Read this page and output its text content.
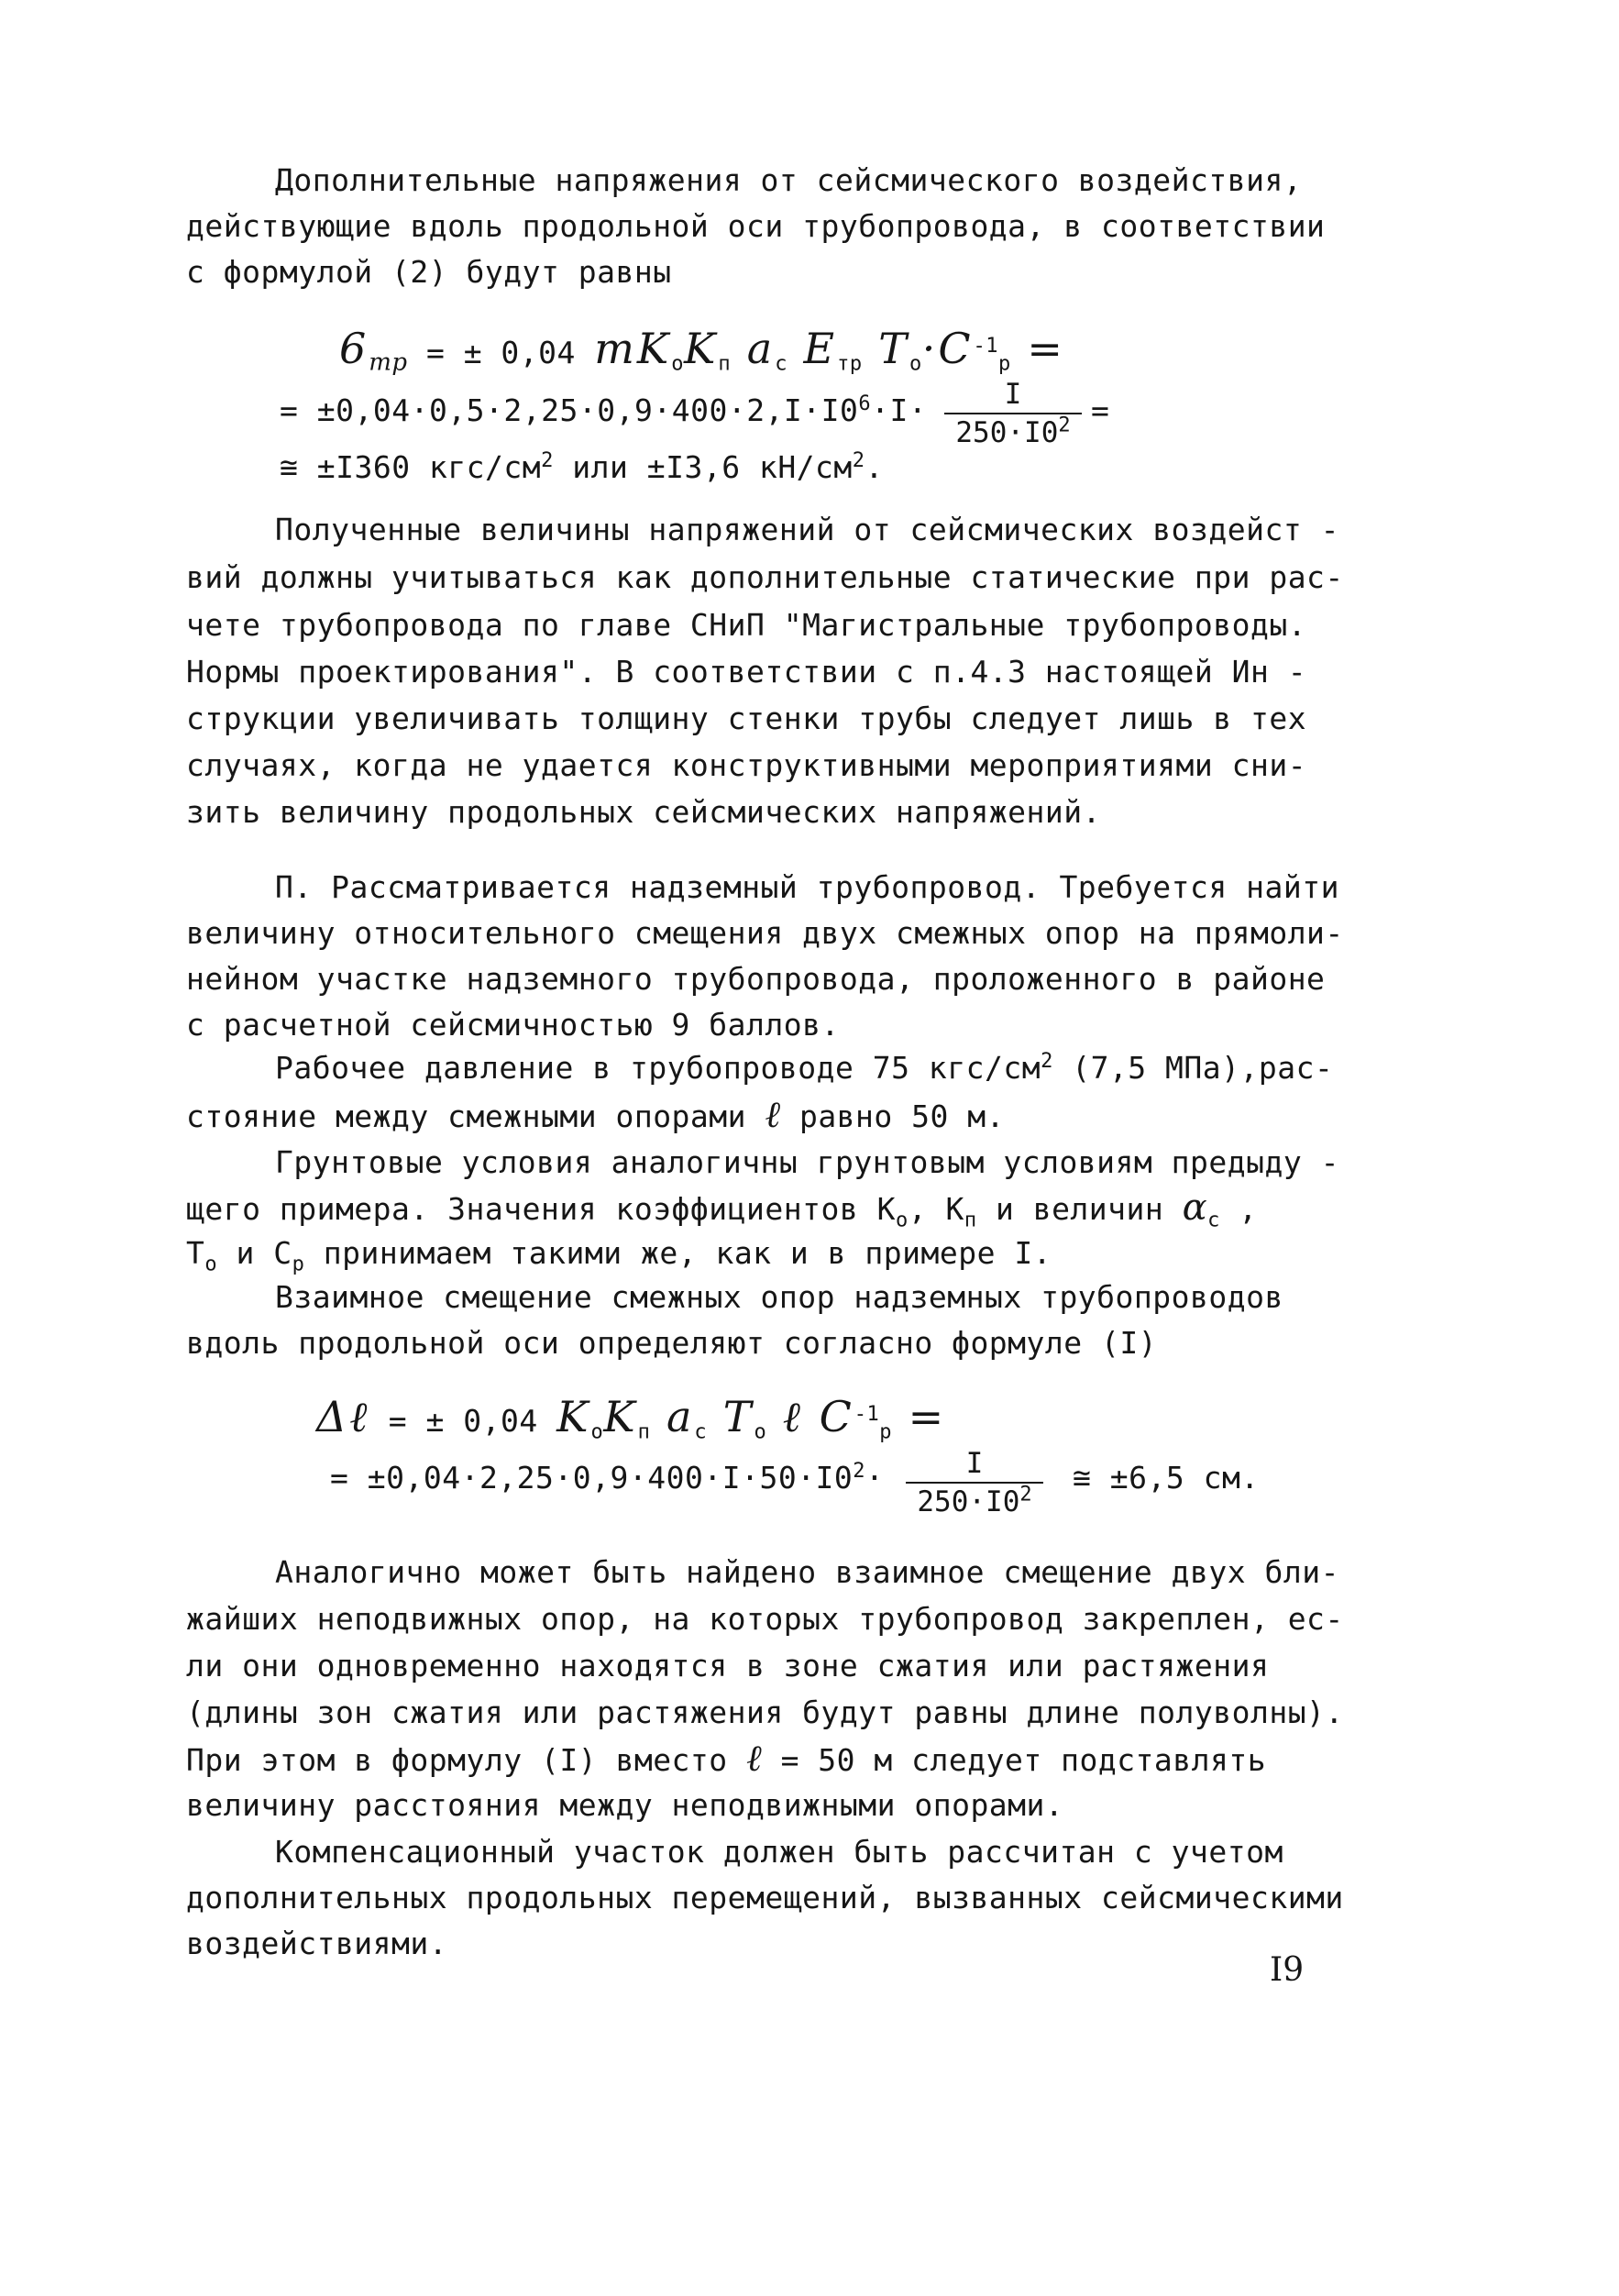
Дополнительные напряжения от сейсмического воздействия,
действующие вдоль продольной оси трубопровода, в соответствии
с формулой (2) будут равны
$6_{тр}$ = ± 0,04 $mK_oK_п$ $a_c$ $E_{тр}$ $T_o\cdot C^{-1}_p$ =
= $\pm 0,04\cdot 0,5\cdot 2,25\cdot 0,9\cdot 400\cdot 2,I\cdot I0^6\cdot I\cdot \frac{I}{250\cdot I0^2}$ =
≅ ±I360 кгс/$см^2$ или ±I3,6 $кН/см^2$.
Полученные величины напряжений от сейсмических воздейст -
вий должны учитываться как дополнительные статические при рас-
чете трубопровода по главе СНиП "Магистральные трубопроводы.
Нормы проектирования". В соответствии с п.4.3 настоящей Ин -
струкции увеличивать толщину стенки трубы следует лишь в тех
случаях, когда не удается конструктивными мероприятиями сни-
зить величину продольных сейсмических напряжений.
П. Рассматривается надземный трубопровод. Требуется найти
величину относительного смещения двух смежных опор на прямоли-
нейном участке надземного трубопровода, проложенного в районе
с расчетной сейсмичностью 9 баллов.
Рабочее давление в трубопроводе 75 кгс/$см^2$ (7,5 МПа),рас-
стояние между смежными опорами ℓ равно 50 м.
Грунтовые условия аналогичны грунтовым условиям предыду -
щего примера. Значения коэффициентов $K_o$, $K_п$ и величин $\alpha_c$ ,
$T_o$ и $C_p$ принимаем такими же, как и в примере I.
Взаимное смещение смежных опор надземных трубопроводов
вдоль продольной оси определяют согласно формуле (I)
Δℓ = ± 0,04 $K_oK_п$ $a_c$ $T_o$ ℓ $C^{-1}_p$ =
= $\pm 0,04\cdot 2,25\cdot 0,9\cdot 400\cdot I\cdot 50\cdot I0^2\cdot \frac{I}{250\cdot I0^2}$ ≅ ±6,5 см.
Аналогично может быть найдено взаимное смещение двух бли-
жайших неподвижных опор, на которых трубопровод закреплен, ес-
ли они одновременно находятся в зоне сжатия или растяжения
(длины зон сжатия или растяжения будут равны длине полуволны).
При этом в формулу (I) вместо ℓ = 50 м следует подставлять
величину расстояния между неподвижными опорами.
Компенсационный участок должен быть рассчитан с учетом
дополнительных продольных перемещений, вызванных сейсмическими
воздействиями.
I9
